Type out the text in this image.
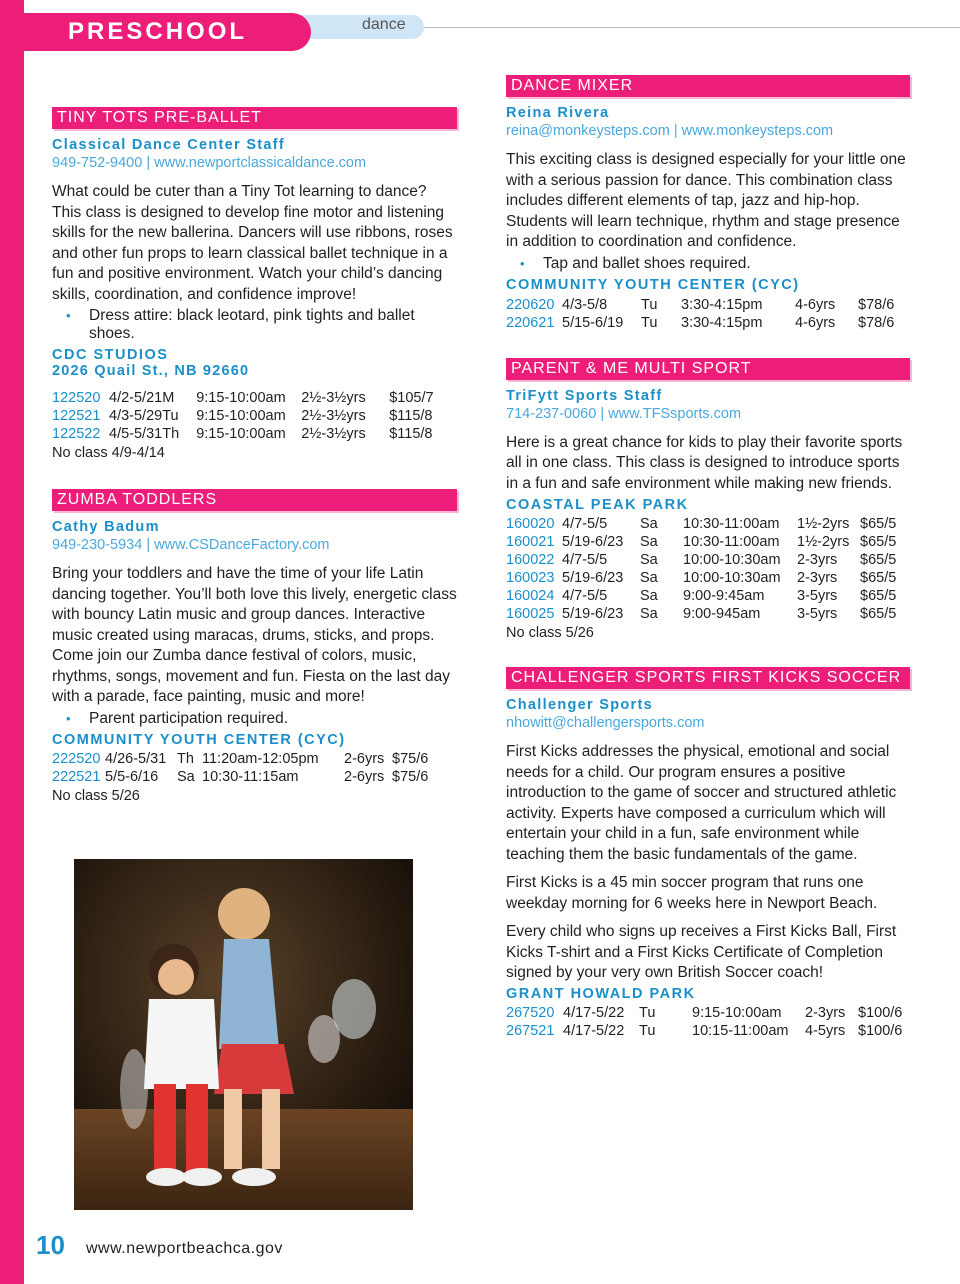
PRESCHOOL	dance
TINY TOTS PRE-BALLET
Classical Dance Center Staff
949-752-9400 | www.newportclassicaldance.com
What could be cuter than a Tiny Tot learning to dance? This class is designed to develop fine motor and listening skills for the new ballerina. Dancers will use ribbons, roses and other fun props to learn classical ballet technique in a fun and positive environment. Watch your child’s dancing skills, coordination, and confidence improve!
• Dress attire: black leotard, pink tights and ballet shoes.
CDC STUDIOS
2026 Quail St., NB 92660
122520	4/2-5/21	M	9:15-10:00am	2½-3½yrs	$105/7
122521	4/3-5/29	Tu	9:15-10:00am	2½-3½yrs	$115/8
122522	4/5-5/31	Th	9:15-10:00am	2½-3½yrs	$115/8
No class 4/9-4/14
ZUMBA TODDLERS
Cathy Badum
949-230-5934 | www.CSDanceFactory.com
Bring your toddlers and have the time of your life Latin dancing together. You’ll both love this lively, energetic class with bouncy Latin music and group dances. Interactive music created using maracas, drums, sticks, and props. Come join our Zumba dance festival of colors, music, rhythms, songs, movement and fun. Fiesta on the last day with a parade, face painting, music and more!
• Parent participation required.
COMMUNITY YOUTH CENTER (CYC)
222520	4/26-5/31	Th	11:20am-12:05pm	2-6yrs	$75/6
222521	5/5-6/16	Sa	10:30-11:15am	2-6yrs	$75/6
No class 5/26
DANCE MIXER
Reina Rivera
reina@monkeysteps.com | www.monkeysteps.com
This exciting class is designed especially for your little one with a serious passion for dance. This combination class includes different elements of tap, jazz and hip-hop. Students will learn technique, rhythm and stage presence in addition to coordination and confidence.
• Tap and ballet shoes required.
COMMUNITY YOUTH CENTER (CYC)
220620	4/3-5/8	Tu	3:30-4:15pm	4-6yrs	$78/6
220621	5/15-6/19	Tu	3:30-4:15pm	4-6yrs	$78/6
PARENT & ME MULTI SPORT
TriFytt Sports Staff
714-237-0060 | www.TFSsports.com
Here is a great chance for kids to play their favorite sports all in one class. This class is designed to introduce sports in a fun and safe environment while making new friends.
COASTAL PEAK PARK
160020	4/7-5/5	Sa	10:30-11:00am	1½-2yrs	$65/5
160021	5/19-6/23	Sa	10:30-11:00am	1½-2yrs	$65/5
160022	4/7-5/5	Sa	10:00-10:30am	2-3yrs	$65/5
160023	5/19-6/23	Sa	10:00-10:30am	2-3yrs	$65/5
160024	4/7-5/5	Sa	9:00-9:45am	3-5yrs	$65/5
160025	5/19-6/23	Sa	9:00-945am	3-5yrs	$65/5
No class 5/26
CHALLENGER SPORTS FIRST KICKS SOCCER
Challenger Sports
nhowitt@challengersports.com
First Kicks addresses the physical, emotional and social needs for a child. Our program ensures a positive introduction to the game of soccer and structured athletic activity. Experts have composed a curriculum which will entertain your child in a fun, safe environment while teaching them the basic fundamentals of the game.
First Kicks is a 45 min soccer program that runs one weekday morning for 6 weeks here in Newport Beach.
Every child who signs up receives a First Kicks Ball, First Kicks T-shirt and a First Kicks Certificate of Completion signed by your very own British Soccer coach!
GRANT HOWALD PARK
267520	4/17-5/22	Tu	9:15-10:00am	2-3yrs	$100/6
267521	4/17-5/22	Tu	10:15-11:00am	4-5yrs	$100/6
10 www.newportbeachca.gov
